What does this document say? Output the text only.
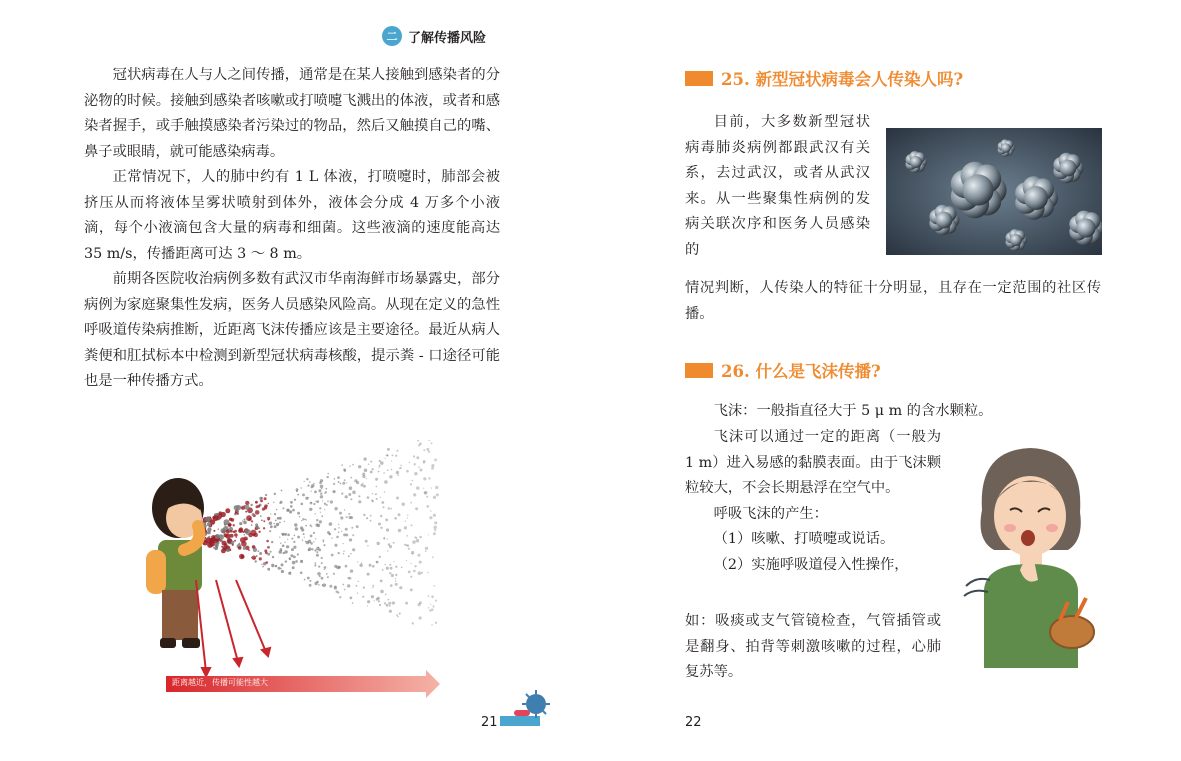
二 了解传播风险

冠状病毒在人与人之间传播，通常是在某人接触到感染者的分泌物的时候。接触到感染者咳嗽或打喷嚏飞溅出的体液，或者和感染者握手，或手触摸感染者污染过的物品，然后又触摸自己的嘴、鼻子或眼睛，就可能感染病毒。

正常情况下，人的肺中约有 1 L 体液，打喷嚏时，肺部会被挤压从而将液体呈雾状喷射到体外，液体会分成 4 万多个小液滴，每个小液滴包含大量的病毒和细菌。这些液滴的速度能高达 35 m/s，传播距离可达 3 ～ 8 m。

前期各医院收治病例多数有武汉市华南海鲜市场暴露史，部分病例为家庭聚集性发病，医务人员感染风险高。从现在定义的急性呼吸道传染病推断，近距离飞沫传播应该是主要途径。最近从病人粪便和肛拭标本中检测到新型冠状病毒核酸，提示粪 - 口途径可能也是一种传播方式。

距离越近，传播可能性越大
21
25. 新型冠状病毒会人传染人吗?

目前，大多数新型冠状病毒肺炎病例都跟武汉有关系，去过武汉，或者从武汉来。从一些聚集性病例的发病关联次序和医务人员感染的

情况判断，人传染人的特征十分明显，且存在一定范围的社区传播。

26. 什么是飞沫传播?

飞沫：一般指直径大于 5 μ m 的含水颗粒。

飞沫可以通过一定的距离（一般为 1 m）进入易感的黏膜表面。由于飞沫颗粒较大，不会长期悬浮在空气中。

呼吸飞沫的产生：

（1）咳嗽、打喷嚏或说话。

（2）实施呼吸道侵入性操作，

如：吸痰或支气管镜检查，气管插管或是翻身、拍背等刺激咳嗽的过程，心肺复苏等。

22
